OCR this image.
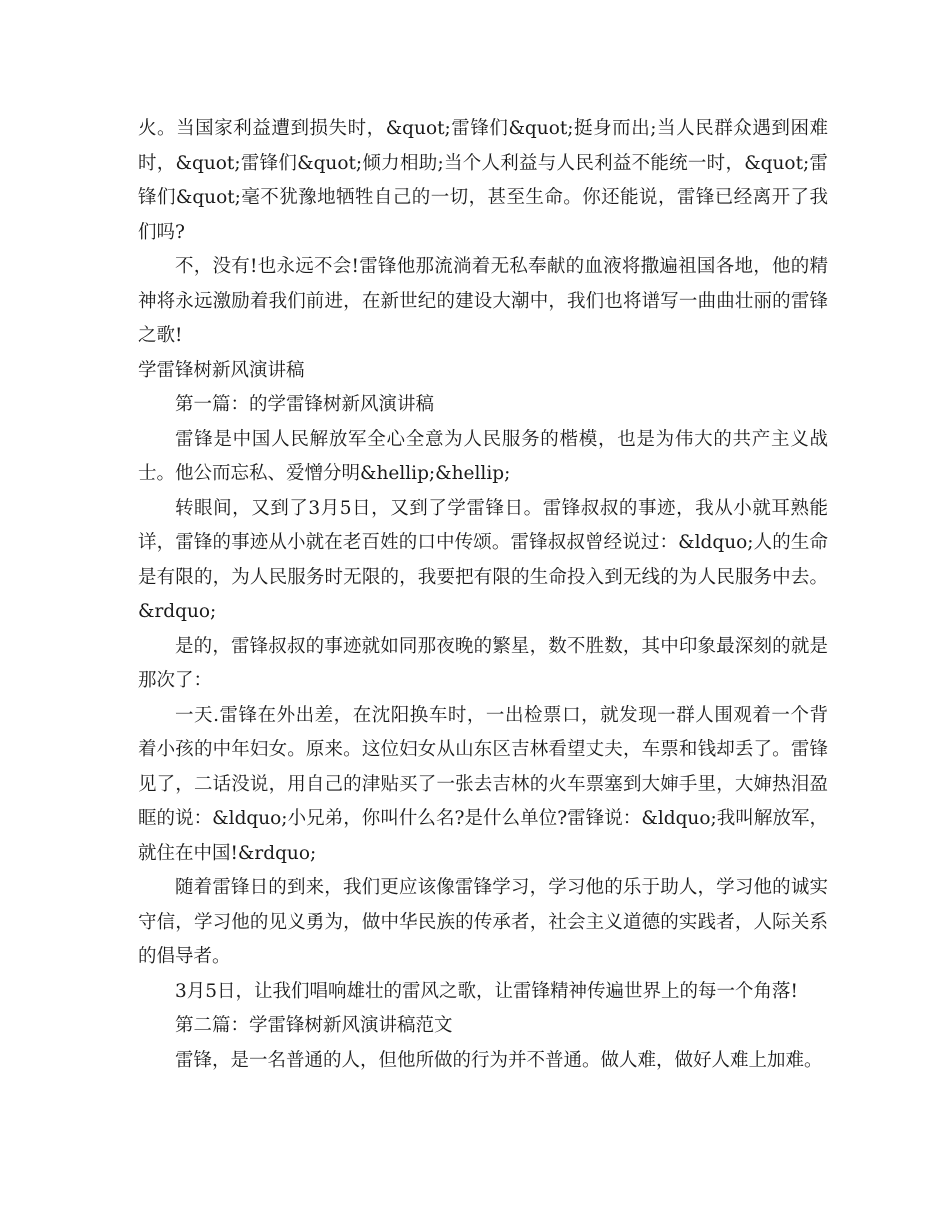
火。当国家利益遭到损失时，&quot;雷锋们&quot;挺身而出;当人民群众遇到困难时，&quot;雷锋们&quot;倾力相助;当个人利益与人民利益不能统一时，&quot;雷锋们&quot;毫不犹豫地牺牲自己的一切，甚至生命。你还能说，雷锋已经离开了我们吗?

不，没有!也永远不会!雷锋他那流淌着无私奉献的血液将撒遍祖国各地，他的精神将永远激励着我们前进，在新世纪的建设大潮中，我们也将谱写一曲曲壮丽的雷锋之歌!

学雷锋树新风演讲稿

第一篇：的学雷锋树新风演讲稿

雷锋是中国人民解放军全心全意为人民服务的楷模，也是为伟大的共产主义战士。他公而忘私、爱憎分明&hellip;&hellip;

转眼间，又到了3月5日，又到了学雷锋日。雷锋叔叔的事迹，我从小就耳熟能详，雷锋的事迹从小就在老百姓的口中传颂。雷锋叔叔曾经说过：&ldquo;人的生命是有限的，为人民服务时无限的，我要把有限的生命投入到无线的为人民服务中去。&rdquo;

是的，雷锋叔叔的事迹就如同那夜晚的繁星，数不胜数，其中印象最深刻的就是那次了：

一天.雷锋在外出差，在沈阳换车时，一出检票口，就发现一群人围观着一个背着小孩的中年妇女。原来。这位妇女从山东区吉林看望丈夫，车票和钱却丢了。雷锋见了，二话没说，用自己的津贴买了一张去吉林的火车票塞到大婶手里，大婶热泪盈眶的说：&ldquo;小兄弟，你叫什么名?是什么单位?雷锋说：&ldquo;我叫解放军，就住在中国!&rdquo;

随着雷锋日的到来，我们更应该像雷锋学习，学习他的乐于助人，学习他的诚实守信，学习他的见义勇为，做中华民族的传承者，社会主义道德的实践者，人际关系的倡导者。

3月5日，让我们唱响雄壮的雷风之歌，让雷锋精神传遍世界上的每一个角落!

第二篇：学雷锋树新风演讲稿范文

雷锋，是一名普通的人，但他所做的行为并不普通。做人难，做好人难上加难。
